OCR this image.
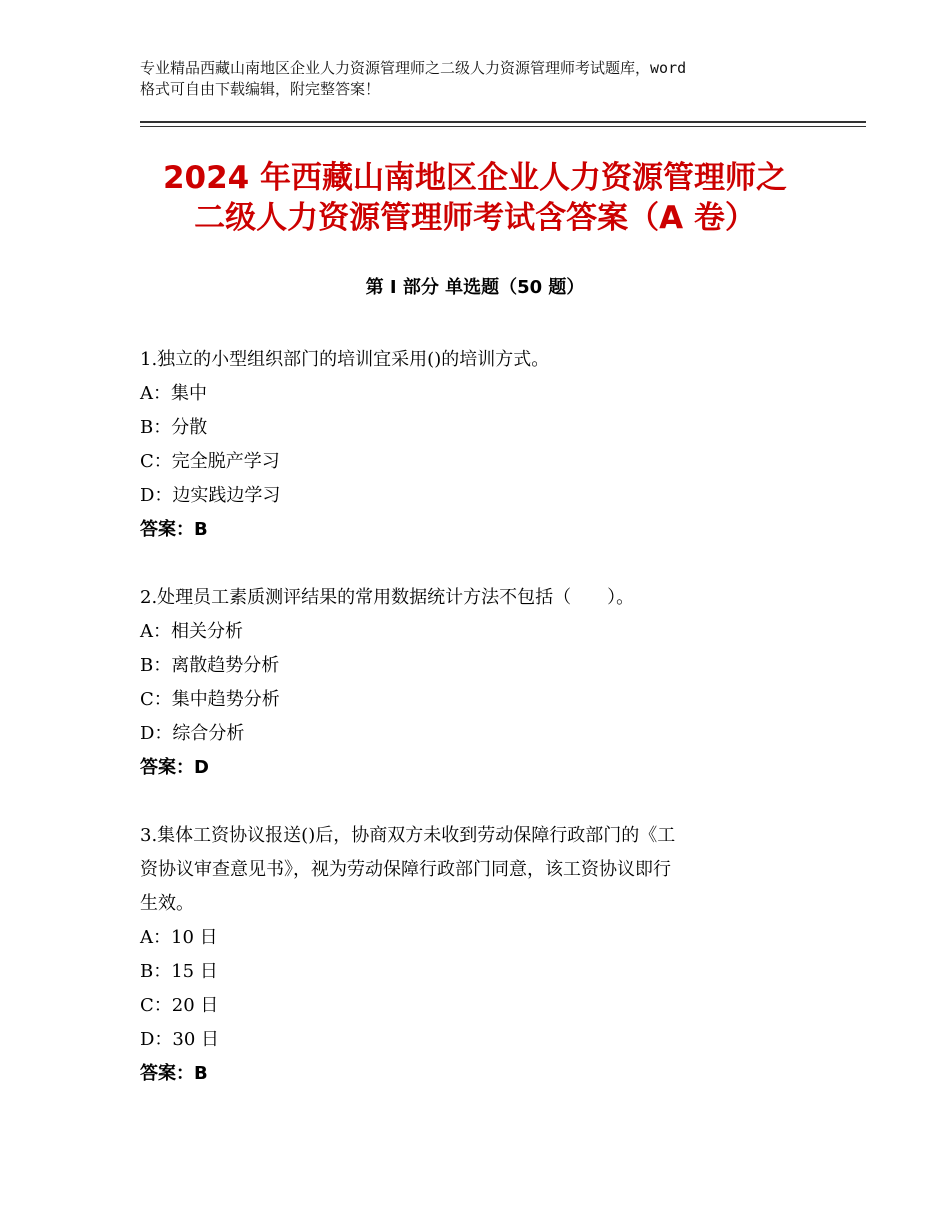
专业精品西藏山南地区企业人力资源管理师之二级人力资源管理师考试题库，word
格式可自由下载编辑，附完整答案！
2024 年西藏山南地区企业人力资源管理师之
二级人力资源管理师考试含答案（A 卷）
第 I 部分 单选题（50 题）
1.独立的小型组织部门的培训宜采用()的培训方式。
A：集中
B：分散
C：完全脱产学习
D：边实践边学习
答案：B
2.处理员工素质测评结果的常用数据统计方法不包括（　　）。
A：相关分析
B：离散趋势分析
C：集中趋势分析
D：综合分析
答案：D
3.集体工资协议报送()后，协商双方未收到劳动保障行政部门的《工
资协议审查意见书》，视为劳动保障行政部门同意，该工资协议即行
生效。
A：10 日
B：15 日
C：20 日
D：30 日
答案：B
